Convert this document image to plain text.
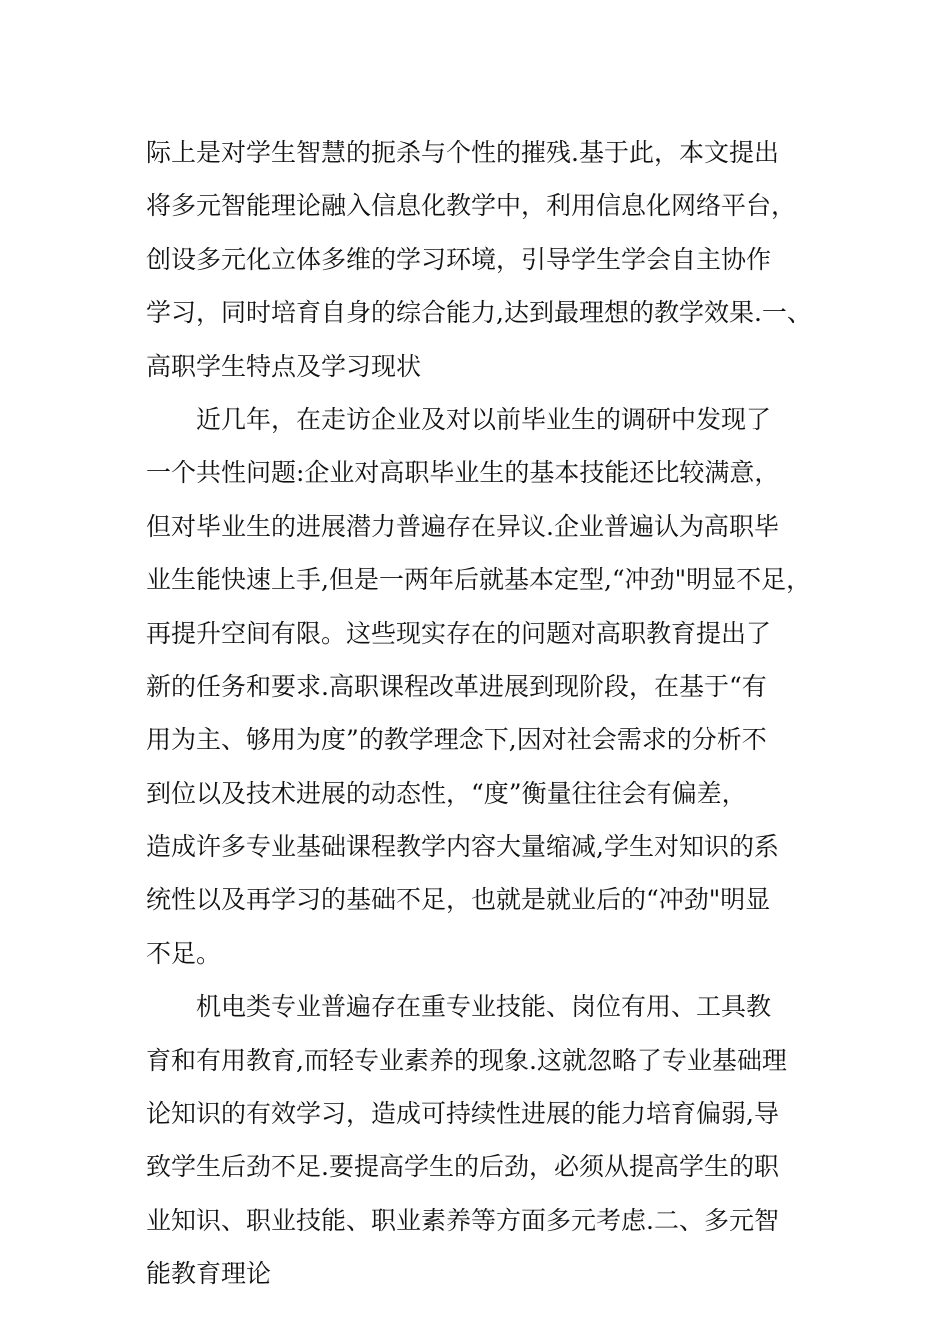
际上是对学生智慧的扼杀与个性的摧残.基于此，本文提出
将多元智能理论融入信息化教学中，利用信息化网络平台，
创设多元化立体多维的学习环境，引导学生学会自主协作
学习，同时培育自身的综合能力,达到最理想的教学效果.一、
高职学生特点及学习现状
近几年，在走访企业及对以前毕业生的调研中发现了
一个共性问题:企业对高职毕业生的基本技能还比较满意，
但对毕业生的进展潜力普遍存在异议.企业普遍认为高职毕
业生能快速上手,但是一两年后就基本定型,“冲劲"明显不足，
再提升空间有限。这些现实存在的问题对高职教育提出了
新的任务和要求.高职课程改革进展到现阶段，在基于“有
用为主、够用为度”的教学理念下,因对社会需求的分析不
到位以及技术进展的动态性，“度”衡量往往会有偏差，
造成许多专业基础课程教学内容大量缩减,学生对知识的系
统性以及再学习的基础不足，也就是就业后的“冲劲"明显
不足。
机电类专业普遍存在重专业技能、岗位有用、工具教
育和有用教育,而轻专业素养的现象.这就忽略了专业基础理
论知识的有效学习，造成可持续性进展的能力培育偏弱,导
致学生后劲不足.要提高学生的后劲，必须从提高学生的职
业知识、职业技能、职业素养等方面多元考虑.二、多元智
能教育理论
